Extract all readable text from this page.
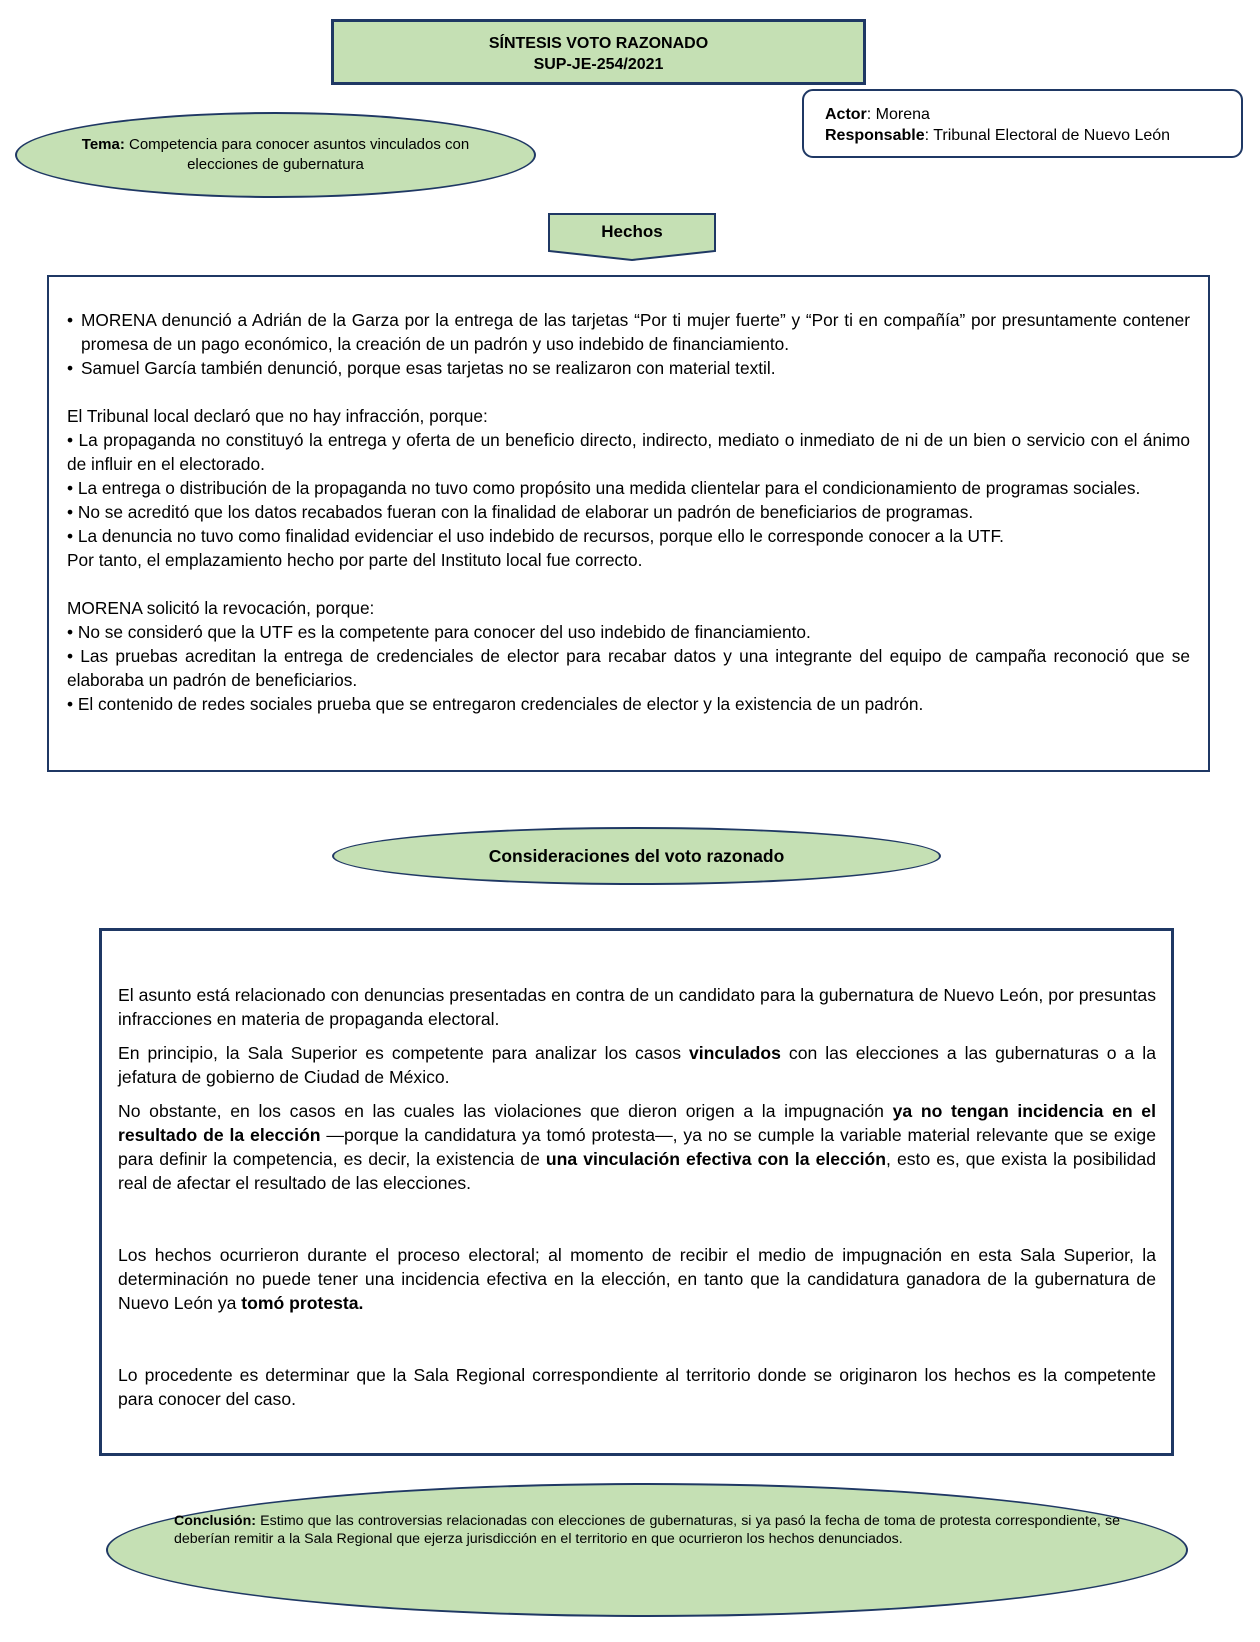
SÍNTESIS VOTO RAZONADO
SUP-JE-254/2021
Tema: Competencia para conocer asuntos vinculados con elecciones de gubernatura
Actor: Morena
Responsable: Tribunal Electoral de Nuevo León
Hechos
• MORENA denunció a Adrián de la Garza por la entrega de las tarjetas “Por ti mujer fuerte” y “Por ti en compañía” por presuntamente contener promesa de un pago económico, la creación de un padrón y uso indebido de financiamiento.
• Samuel García también denunció, porque esas tarjetas no se realizaron con material textil.
El Tribunal local declaró que no hay infracción, porque:
• La propaganda no constituyó la entrega y oferta de un beneficio directo, indirecto, mediato o inmediato de ni de un bien o servicio con el ánimo de influir en el electorado.
• La entrega o distribución de la propaganda no tuvo como propósito una medida clientelar para el condicionamiento de programas sociales.
• No se acreditó que los datos recabados fueran con la finalidad de elaborar un padrón de beneficiarios de programas.
• La denuncia no tuvo como finalidad evidenciar el uso indebido de recursos, porque ello le corresponde conocer a la UTF.
Por tanto, el emplazamiento hecho por parte del Instituto local fue correcto.
MORENA solicitó la revocación, porque:
• No se consideró que la UTF es la competente para conocer del uso indebido de financiamiento.
• Las pruebas acreditan la entrega de credenciales de elector para recabar datos y una integrante del equipo de campaña reconoció que se elaboraba un padrón de beneficiarios.
• El contenido de redes sociales prueba que se entregaron credenciales de elector y la existencia de un padrón.
Consideraciones del voto razonado

El asunto está relacionado con denuncias presentadas en contra de un candidato para la gubernatura de Nuevo León, por presuntas infracciones en materia de propaganda electoral.

En principio, la Sala Superior es competente para analizar los casos vinculados con las elecciones a las gubernaturas o a la jefatura de gobierno de Ciudad de México.

No obstante, en los casos en las cuales las violaciones que dieron origen a la impugnación ya no tengan incidencia en el resultado de la elección —porque la candidatura ya tomó protesta—, ya no se cumple la variable material relevante que se exige para definir la competencia, es decir, la existencia de una vinculación efectiva con la elección, esto es, que exista la posibilidad real de afectar el resultado de las elecciones.

Los hechos ocurrieron durante el proceso electoral; al momento de recibir el medio de impugnación en esta Sala Superior, la determinación no puede tener una incidencia efectiva en la elección, en tanto que la candidatura ganadora de la gubernatura de Nuevo León ya tomó protesta.

Lo procedente es determinar que la Sala Regional correspondiente al territorio donde se originaron los hechos es la competente para conocer del caso.

Conclusión: Estimo que las controversias relacionadas con elecciones de gubernaturas, si ya pasó la fecha de toma de protesta correspondiente, se deberían remitir a la Sala Regional que ejerza jurisdicción en el territorio en que ocurrieron los hechos denunciados.
